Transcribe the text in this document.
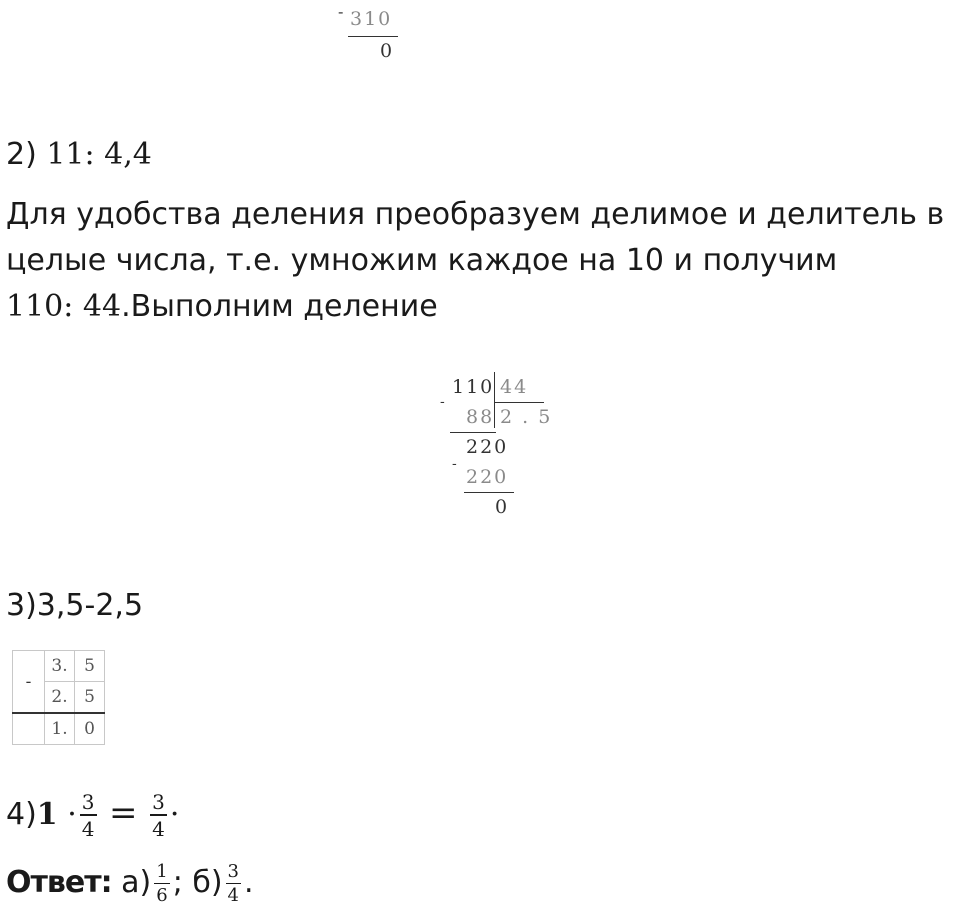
- 310
0
2) 11: 4,4
Для удобства деления преобразуем делимое и делитель в
целые числа, т.е. умножим каждое на 10 и получим
110: 44.Выполним деление
110 44
2 . 5
-
88
220
-
220
0
3)3,5-2,5
-	3.	5
	2.	5
	1.	0
$4)1 \cdot \frac{3}{4} = \frac{3}{4}$ ·
Ответ: $а) \frac{1}{6}$ ; $б) \frac{3}{4}$ .
